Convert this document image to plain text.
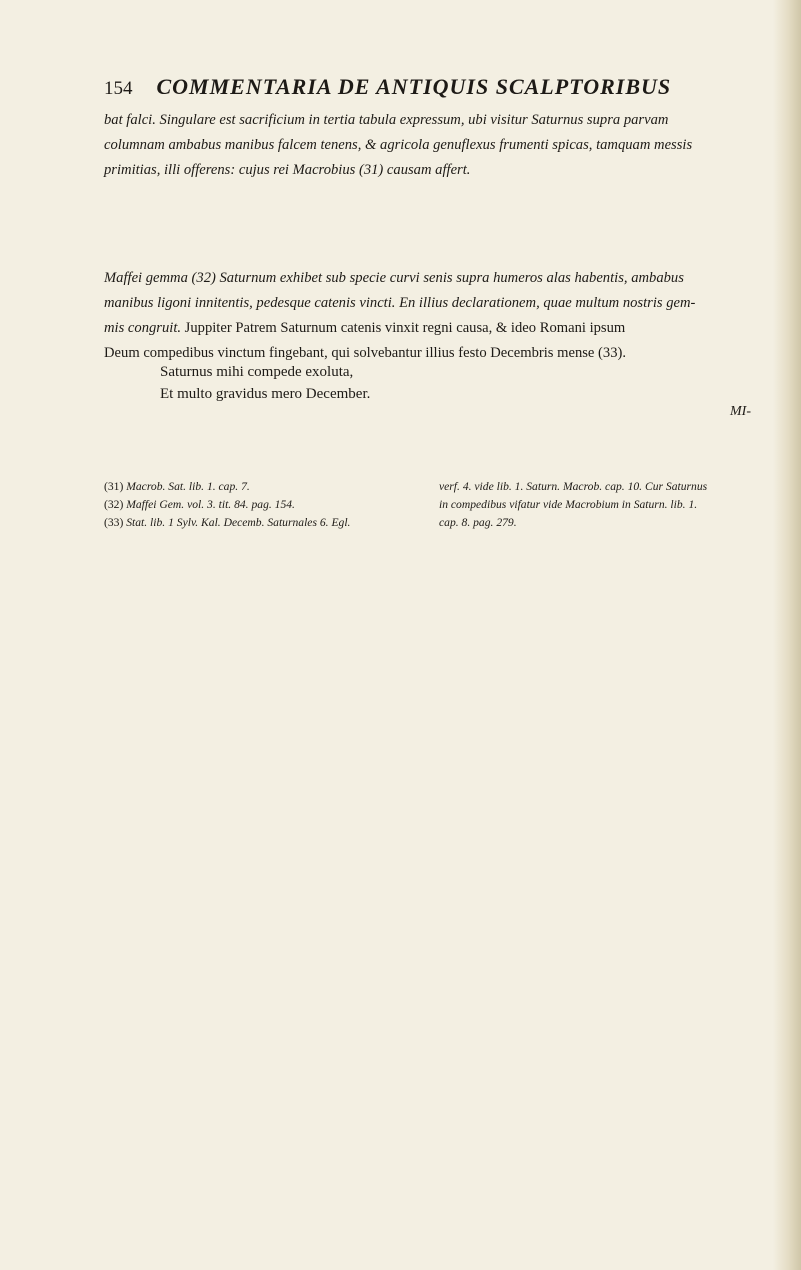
154 COMMENTARIA DE ANTIQUIS SCALPTORIBUS
bat falci. Singulare est sacrificium in tertia tabula expressum, ubi visitur Saturnus supra parvam
columnam ambabus manibus falcem tenens, & agricola genuflexus frumenti spicas, tamquam messis
primitias, illi offerens: cujus rei Macrobius (31) causam affert.
Maffei gemma (32) Saturnum exhibet sub specie curvi senis supra humeros alas habentis, ambabus
manibus ligoni innitentis, pedesque catenis vincti. En illius declarationem, quae multum nostris gem-
mis congruit. Juppiter Patrem Saturnum catenis vinxit regni causa, & ideo Romani ipsum
Deum compedibus vinctum fingebant, qui solvebantur illius festo Decembris mense (33).
Saturnus mihi compede exoluta,
Et multo gravidus mero December.
MI-
(31) Macrob. Sat. lib. 1. cap. 7.
(32) Maffei Gem. vol. 3. tit. 84. pag. 154.
(33) Stat. lib. 1 Sylv. Kal. Decemb. Saturnales 6. Egl.
verf. 4. vide lib. 1. Saturn. Macrob. cap. 10. Cur Saturnus
in compedibus vifatur vide Macrobium in Saturn. lib. 1.
cap. 8. pag. 279.
